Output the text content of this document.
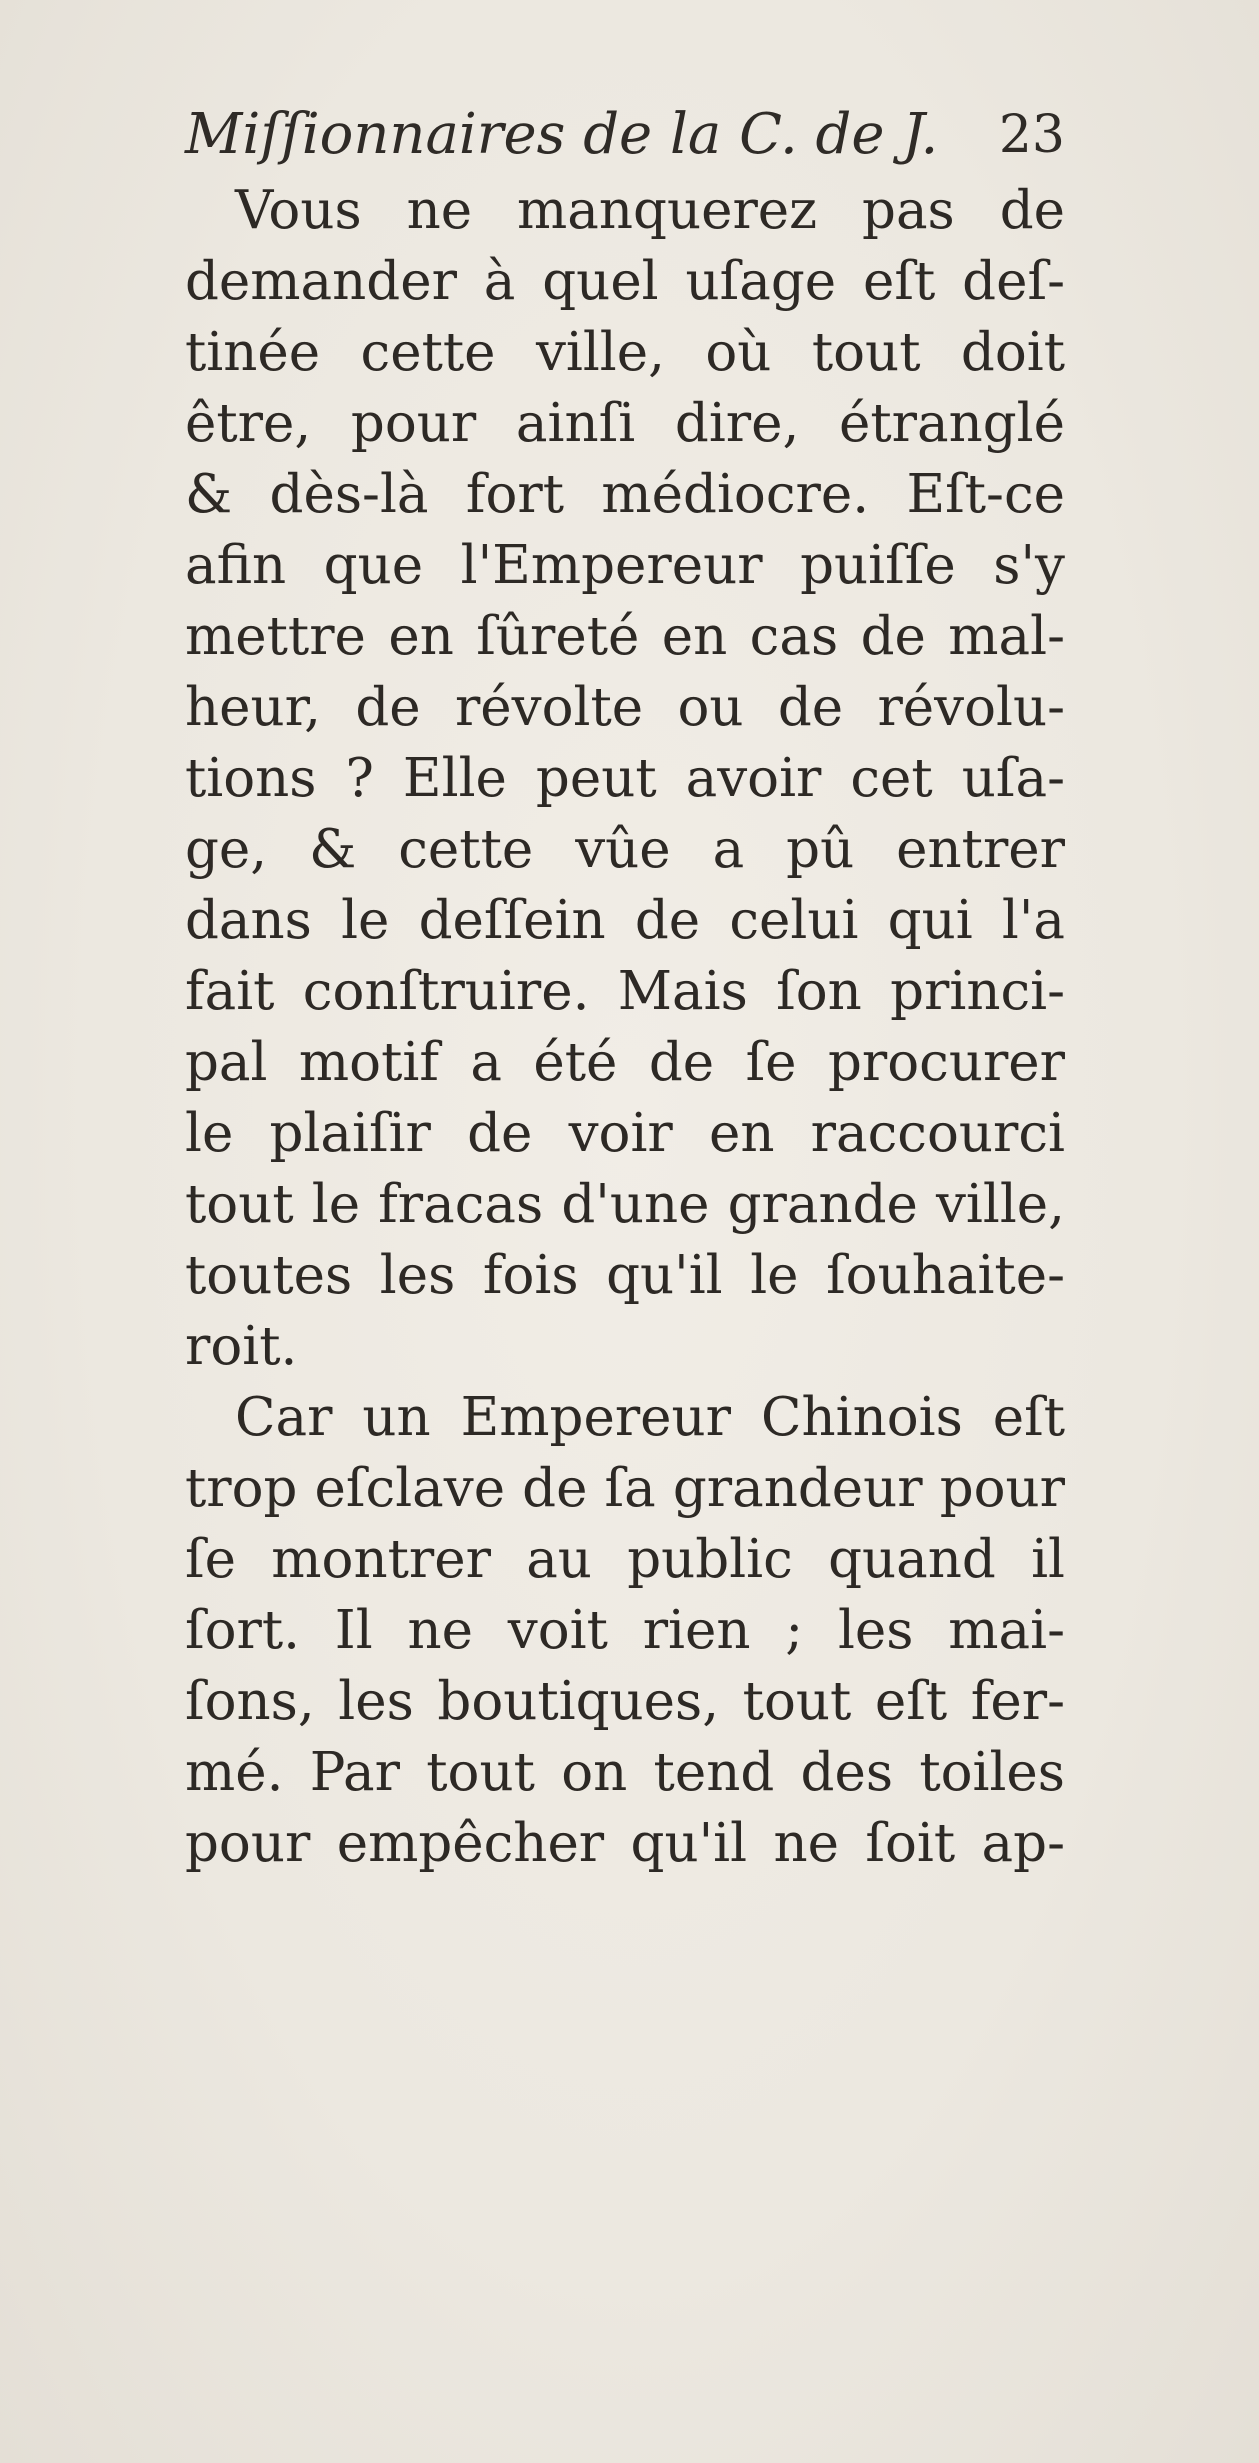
Miſſionnaires de la C. de J. 23
Vous ne manquerez pas de
demander à quel uſage eſt deſ-
tinée cette ville, où tout doit
être, pour ainſi dire, étranglé
& dès-là fort médiocre. Eſt-ce
afin que l'Empereur puiſſe s'y
mettre en ſûreté en cas de mal-
heur, de révolte ou de révolu-
tions ? Elle peut avoir cet uſa-
ge, & cette vûe a pû entrer
dans le deſſein de celui qui l'a
fait conſtruire. Mais ſon princi-
pal motif a été de ſe procurer
le plaiſir de voir en raccourci
tout le fracas d'une grande ville,
toutes les fois qu'il le ſouhaite-
roit.
Car un Empereur Chinois eſt
trop eſclave de ſa grandeur pour
ſe montrer au public quand il
ſort. Il ne voit rien ; les mai-
ſons, les boutiques, tout eſt fer-
mé. Par tout on tend des toiles
pour empêcher qu'il ne ſoit ap-
